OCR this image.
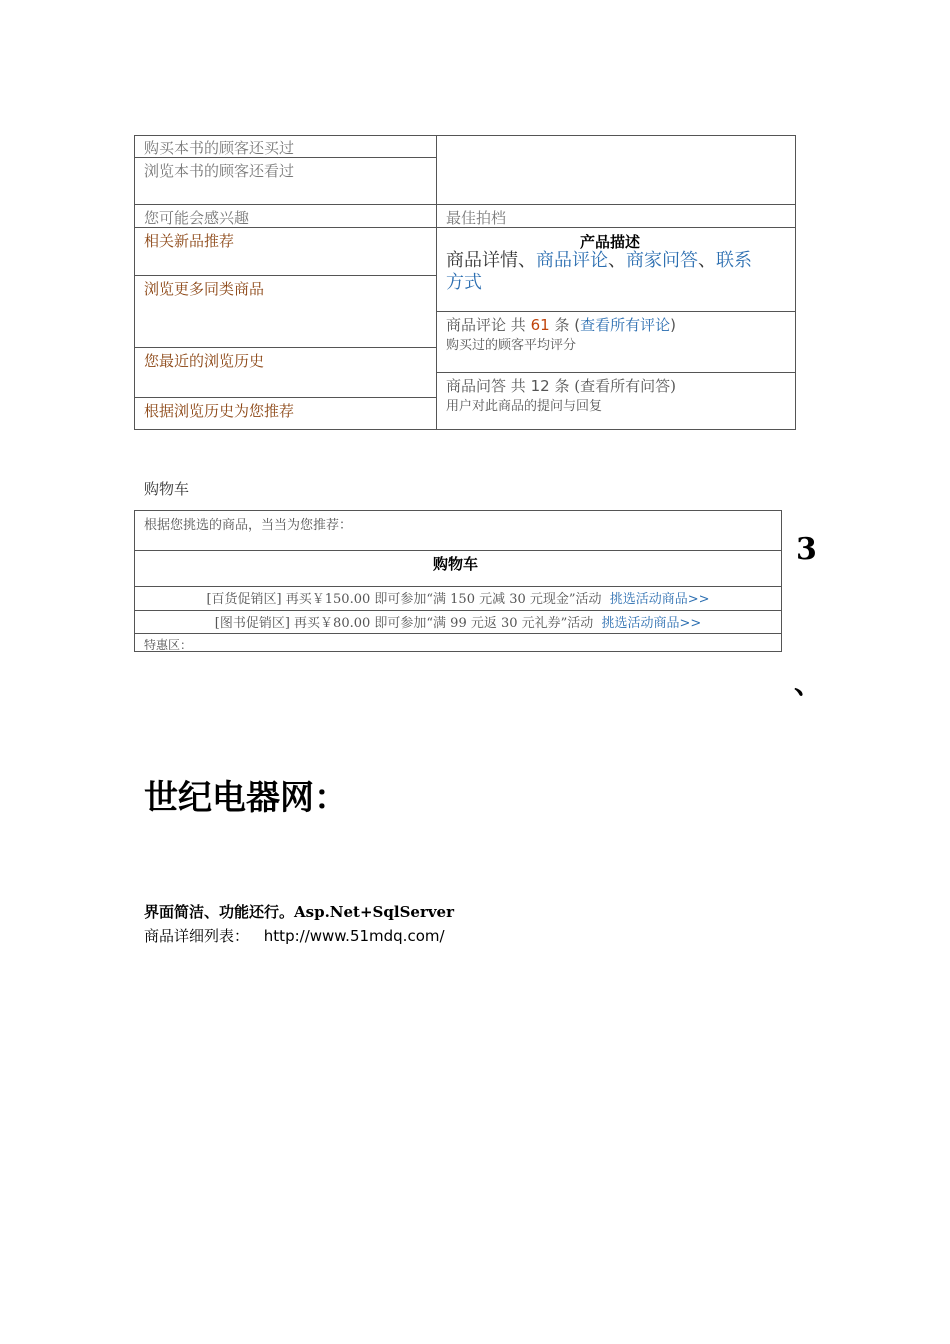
购买本书的顾客还买过
浏览本书的顾客还看过
您可能会感兴趣
相关新品推荐
浏览更多同类商品
您最近的浏览历史
根据浏览历史为您推荐
最佳拍档
产品描述
商品详情、商品评论、商家问答、联系
方式
商品评论 共 61 条 (查看所有评论)
购买过的顾客平均评分
商品问答 共 12 条 (查看所有问答)
用户对此商品的提问与回复
购物车
根据您挑选的商品，当当为您推荐：
购物车
[百货促销区] 再买￥150.00 即可参加“满 150 元减 30 元现金”活动 挑选活动商品>>
[图书促销区] 再买￥80.00 即可参加“满 99 元返 30 元礼券”活动 挑选活动商品>>
特惠区：
3
、
世纪电器网：
界面简洁、功能还行。Asp.Net+SqlServer
商品详细列表： http://www.51mdq.com/
